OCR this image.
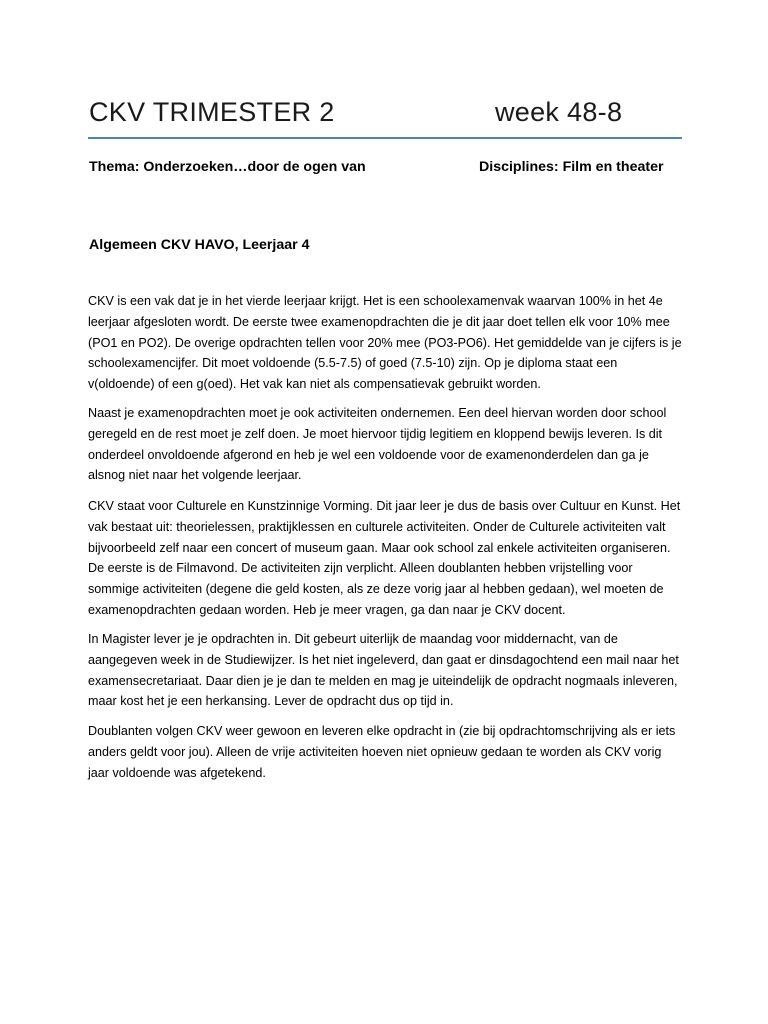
CKV TRIMESTER 2	week 48-8
Thema: Onderzoeken…door de ogen van	Disciplines: Film en theater
Algemeen CKV HAVO, Leerjaar 4

CKV is een vak dat je in het vierde leerjaar krijgt. Het is een schoolexamenvak waarvan 100% in het 4e leerjaar afgesloten wordt. De eerste twee examenopdrachten die je dit jaar doet tellen elk voor 10% mee (PO1 en PO2). De overige opdrachten tellen voor 20% mee (PO3-PO6). Het gemiddelde van je cijfers is je schoolexamencijfer. Dit moet voldoende (5.5-7.5) of goed (7.5-10) zijn. Op je diploma staat een v(oldoende) of een g(oed). Het vak kan niet als compensatievak gebruikt worden.

Naast je examenopdrachten moet je ook activiteiten ondernemen. Een deel hiervan worden door school geregeld en de rest moet je zelf doen. Je moet hiervoor tijdig legitiem en kloppend bewijs leveren. Is dit onderdeel onvoldoende afgerond en heb je wel een voldoende voor de examenonderdelen dan ga je alsnog niet naar het volgende leerjaar.

CKV staat voor Culturele en Kunstzinnige Vorming. Dit jaar leer je dus de basis over Cultuur en Kunst. Het vak bestaat uit: theorielessen, praktijklessen en culturele activiteiten. Onder de Culturele activiteiten valt bijvoorbeeld zelf naar een concert of museum gaan. Maar ook school zal enkele activiteiten organiseren. De eerste is de Filmavond. De activiteiten zijn verplicht. Alleen doublanten hebben vrijstelling voor sommige activiteiten (degene die geld kosten, als ze deze vorig jaar al hebben gedaan), wel moeten de examenopdrachten gedaan worden. Heb je meer vragen, ga dan naar je CKV docent.

In Magister lever je je opdrachten in. Dit gebeurt uiterlijk de maandag voor middernacht, van de aangegeven week in de Studiewijzer. Is het niet ingeleverd, dan gaat er dinsdagochtend een mail naar het examensecretariaat. Daar dien je je dan te melden en mag je uiteindelijk de opdracht nogmaals inleveren, maar kost het je een herkansing. Lever de opdracht dus op tijd in.

Doublanten volgen CKV weer gewoon en leveren elke opdracht in (zie bij opdrachtomschrijving als er iets anders geldt voor jou). Alleen de vrije activiteiten hoeven niet opnieuw gedaan te worden als CKV vorig jaar voldoende was afgetekend.
